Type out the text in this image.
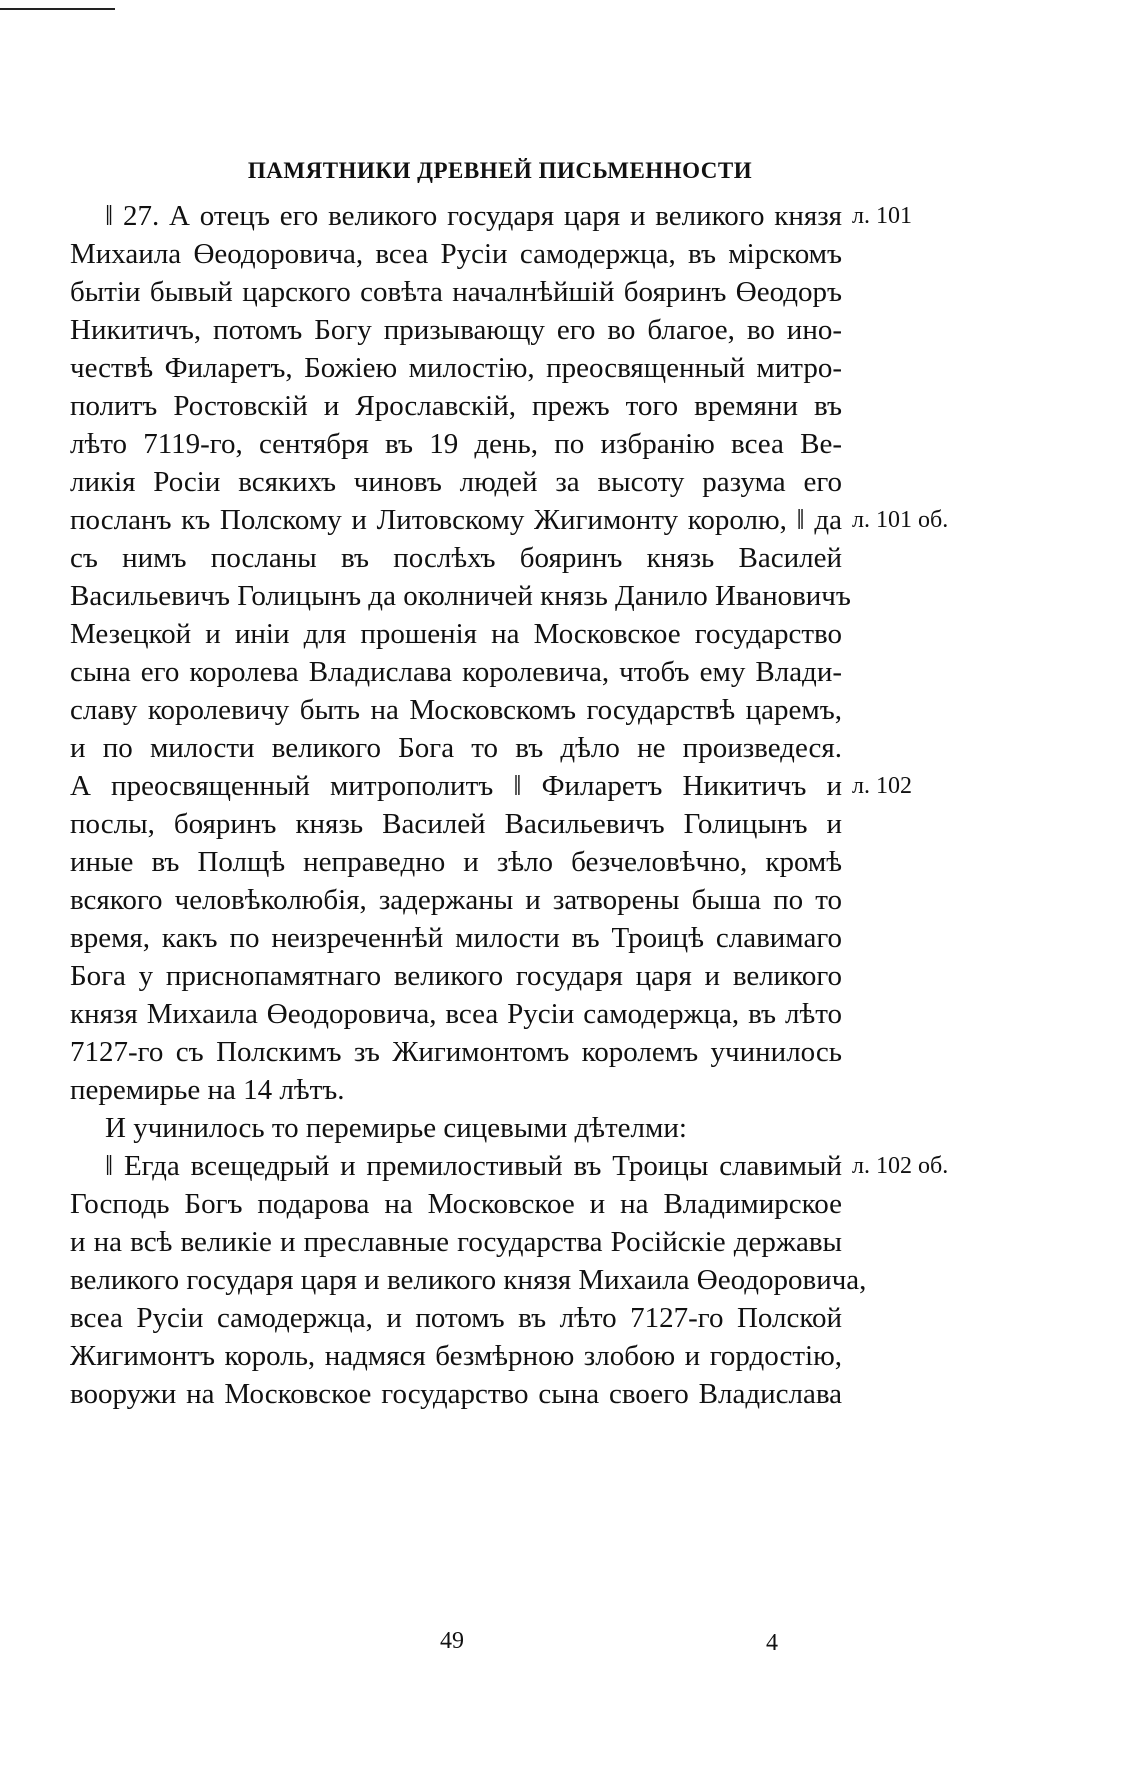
ПАМЯТНИКИ ДРЕВНЕЙ ПИСЬМЕННОСТИ
‖ 27. А отецъ его великого государя царя и великого князя
Михаила Өеодоровича, всеа Русіи самодержца, въ мірскомъ
бытіи бывый царского совѣта началнѣйшій бояринъ Өеодоръ
Никитичъ, потомъ Богу призывающу его во благое, во ино-
чествѣ Филаретъ, Божіею милостію, преосвященный митро-
политъ Ростовскій и Ярославскій, прежъ того времяни въ
лѣто 7119-го, сентября въ 19 день, по избранію всеа Ве-
ликія Росіи всякихъ чиновъ людей за высоту разума его
посланъ къ Полскому и Литовскому Жигимонту королю, ‖ да
съ нимъ посланы въ послѣхъ бояринъ князь Василей
Васильевичъ Голицынъ да околничей князь Данило Ивановичъ
Мезецкой и иніи для прошенія на Московское государство
сына его королева Владислава королевича, чтобъ ему Влади-
славу королевичу быть на Московскомъ государствѣ царемъ,
и по милости великого Бога то въ дѣло не произведеся.
А преосвященный митрополитъ ‖ Филаретъ Никитичъ и
послы, бояринъ князь Василей Васильевичъ Голицынъ и
иные въ Полщѣ неправедно и зѣло безчеловѣчно, кромѣ
всякого человѣколюбія, задержаны и затворены быша по то
время, какъ по неизреченнѣй милости въ Троицѣ славимаго
Бога у приснопамятнаго великого государя царя и великого
князя Михаила Өеодоровича, всеа Русіи самодержца, въ лѣто
7127-го съ Полскимъ зъ Жигимонтомъ королемъ учинилось
перемирье на 14 лѣтъ.
И учинилось то перемирье сицевыми дѣтелми:
‖ Егда всещедрый и премилостивый въ Троицы славимый
Господь Богъ подарова на Московское и на Владимирское
и на всѣ великіе и преславные государства Російскіе державы
великого государя царя и великого князя Михаила Өеодоровича,
всеа Русіи самодержца, и потомъ въ лѣто 7127-го Полской
Жигимонтъ король, надмяся безмѣрною злобою и гордостію,
вооружи на Московское государство сына своего Владислава
л. 101
л. 101 об.
л. 102
л. 102 об.
49	4
